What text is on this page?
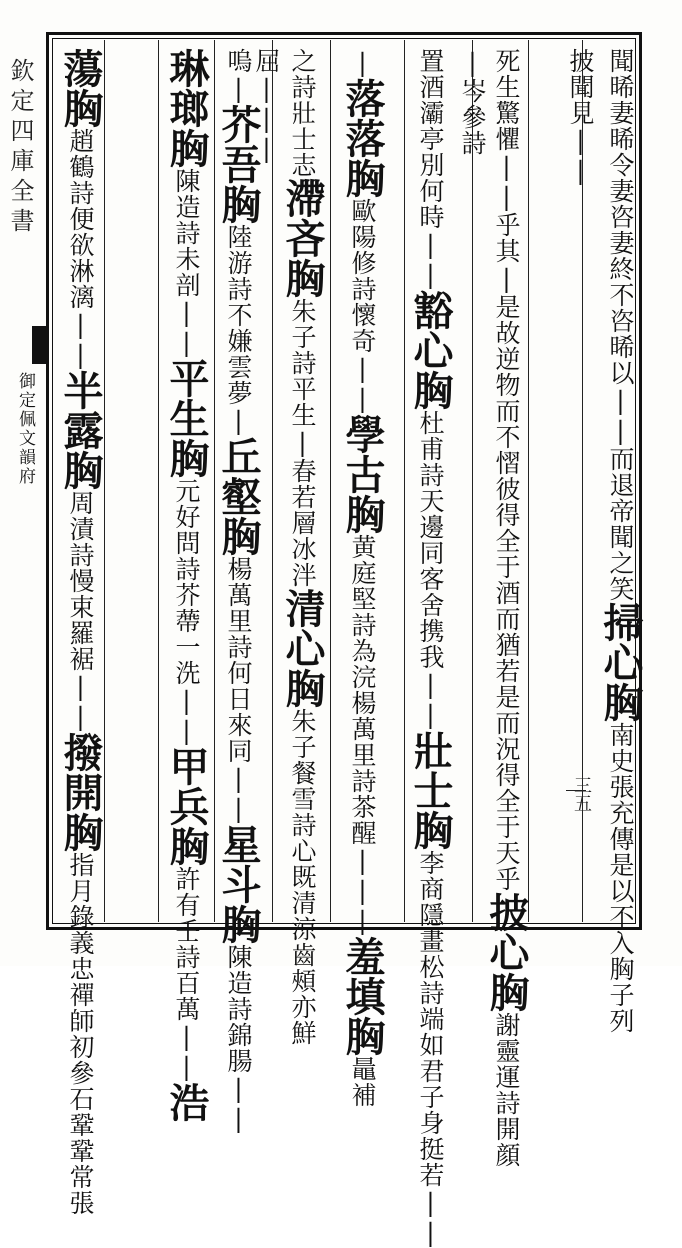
欽定四庫全書
御定佩文韻府	聞晞妻晞令妻咨妻終不咨晞以||而退帝聞之笑掃心胸南史張充傳是以不入胸子列
披聞見||
死生驚懼||乎其|是故逆物而不慴彼得全于酒而猶若是而況得全于天乎披心胸謝靈運詩開顔
|岑參詩
置酒灞亭別何時||豁心胸杜甫詩天邊同客舍携我||壯士胸李商隱畫松詩端如君子身挺若||
|落落胸歐陽修詩懷奇||學古胸黄庭堅詩為浣楊萬里詩茶醒|||羞填胸鼂補
之詩壯士志滯吝胸朱子詩平生|春若層冰泮清心胸朱子餐雪詩心既清涼齒頰亦鮮
屈|||
嗚|芥吾胸陸游詩不嫌雲夢|丘壑胸楊萬里詩何日來同||星斗胸陳造詩錦腸||
琳瑯胸陳造詩未剖||平生胸元好問詩芥蔕一洗||甲兵胸許有壬詩百萬||浩
蕩胸趙鶴詩便欲淋漓||半露胸周漬詩慢束羅裾||撥開胸指月錄義忠禪師初參石鞏鞏常張
三五
